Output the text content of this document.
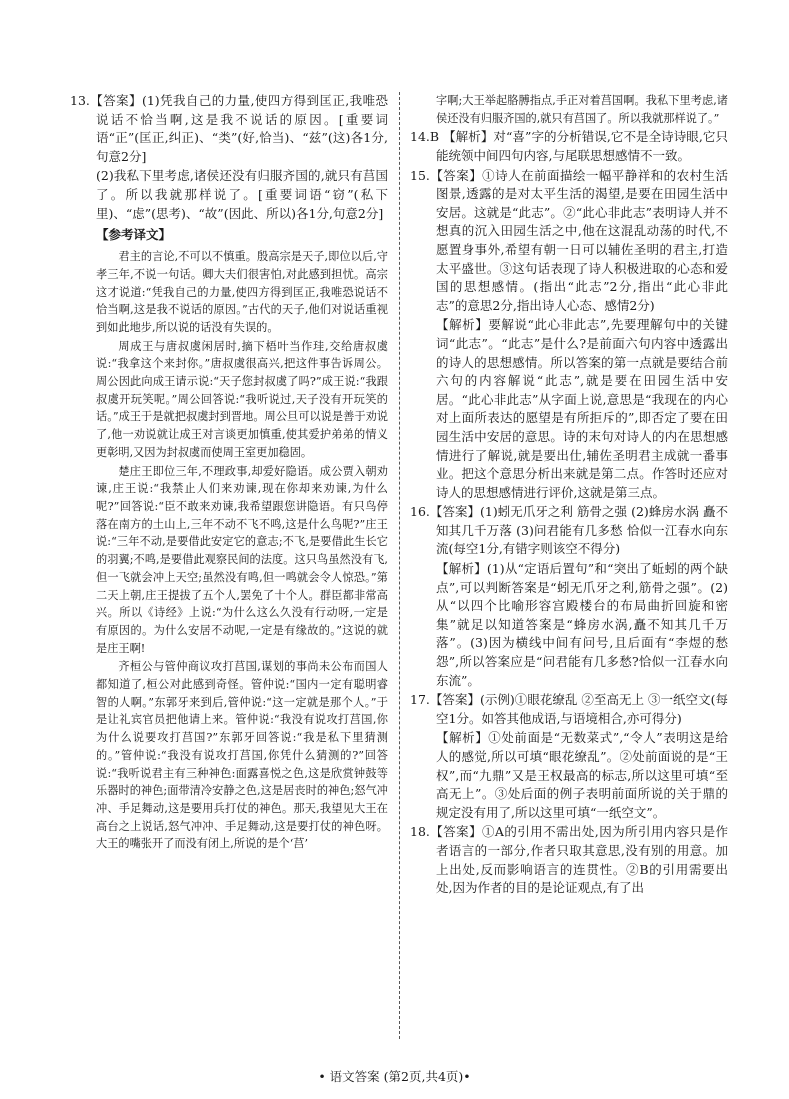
13.【答案】(1)凭我自己的力量,使四方得到匡正,我唯恐说话不恰当啊,这是我不说话的原因。[重要词语“正”(匡正,纠正)、“类”(好,恰当)、“兹”(这)各1分,句意2分]

(2)我私下里考虑,诸侯还没有归服齐国的,就只有莒国了。所以我就那样说了。[重要词语“窃”(私下里)、“虑”(思考)、“故”(因此、所以)各1分,句意2分]

【参考译文】

君主的言论,不可以不慎重。殷高宗是天子,即位以后,守孝三年,不说一句话。卿大夫们很害怕,对此感到担忧。高宗这才说道:“凭我自己的力量,使四方得到匡正,我唯恐说话不恰当啊,这是我不说话的原因。”古代的天子,他们对说话重视到如此地步,所以说的话没有失误的。

周成王与唐叔虞闲居时,摘下梧叶当作珪,交给唐叔虞说:“我拿这个来封你。”唐叔虞很高兴,把这件事告诉周公。周公因此向成王请示说:“天子您封叔虞了吗?”成王说:“我跟叔虞开玩笑呢。”周公回答说:“我听说过,天子没有开玩笑的话。”成王于是就把叔虞封到晋地。周公旦可以说是善于劝说了,他一劝说就让成王对言谈更加慎重,使其爱护弟弟的情义更彰明,又因为封叔虞而使周王室更加稳固。

楚庄王即位三年,不理政事,却爱好隐语。成公贾入朝劝谏,庄王说:“我禁止人们来劝谏,现在你却来劝谏,为什么呢?”回答说:“臣不敢来劝谏,我希望跟您讲隐语。有只鸟停落在南方的土山上,三年不动不飞不鸣,这是什么鸟呢?”庄王说:“三年不动,是要借此安定它的意志;不飞,是要借此生长它的羽翼;不鸣,是要借此观察民间的法度。这只鸟虽然没有飞,但一飞就会冲上天空;虽然没有鸣,但一鸣就会令人惊恐。”第二天上朝,庄王提拔了五个人,罢免了十个人。群臣都非常高兴。所以《诗经》上说:“为什么这么久没有行动呀,一定是有原因的。为什么安居不动呢,一定是有缘故的。”这说的就是庄王啊!

齐桓公与管仲商议攻打莒国,谋划的事尚未公布而国人都知道了,桓公对此感到奇怪。管仲说:“国内一定有聪明睿智的人啊。”东郭牙来到后,管仲说:“这一定就是那个人。”于是让礼宾官员把他请上来。管仲说:“我没有说攻打莒国,你为什么说要攻打莒国?”东郭牙回答说:“我是私下里猜测的。”管仲说:“我没有说攻打莒国,你凭什么猜测的?”回答说:“我听说君主有三种神色:面露喜悦之色,这是欣赏钟鼓等乐器时的神色;面带清冷安静之色,这是居丧时的神色;怒气冲冲、手足舞动,这是要用兵打仗的神色。那天,我望见大王在高台之上说话,怒气冲冲、手足舞动,这是要打仗的神色呀。大王的嘴张开了而没有闭上,所说的是个‘莒’

字啊;大王举起胳膊指点,手正对着莒国啊。我私下里考虑,诸侯还没有归服齐国的,就只有莒国了。所以我就那样说了。”

14.B 【解析】对“喜”字的分析错误,它不是全诗诗眼,它只能统领中间四句内容,与尾联思想感情不一致。

15.【答案】①诗人在前面描绘一幅平静祥和的农村生活图景,透露的是对太平生活的渴望,是要在田园生活中安居。这就是“此志”。②“此心非此志”表明诗人并不想真的沉入田园生活之中,他在这混乱动荡的时代,不愿置身事外,希望有朝一日可以辅佐圣明的君主,打造太平盛世。③这句话表现了诗人积极进取的心态和爱国的思想感情。(指出“此志”2分,指出“此心非此志”的意思2分,指出诗人心态、感情2分)

【解析】要解说“此心非此志”,先要理解句中的关键词“此志”。“此志”是什么?是前面六句内容中透露出的诗人的思想感情。所以答案的第一点就是要结合前六句的内容解说“此志”,就是要在田园生活中安居。“此心非此志”从字面上说,意思是“我现在的内心对上面所表达的愿望是有所拒斥的”,即否定了要在田园生活中安居的意思。诗的末句对诗人的内在思想感情进行了解说,就是要出仕,辅佐圣明君主成就一番事业。把这个意思分析出来就是第二点。作答时还应对诗人的思想感情进行评价,这就是第三点。

16.【答案】(1)蚓无爪牙之利 筋骨之强 (2)蜂房水涡 矗不知其几千万落 (3)问君能有几多愁 恰似一江春水向东流(每空1分,有错字则该空不得分)

【解析】(1)从“定语后置句”和“突出了蚯蚓的两个缺点”,可以判断答案是“蚓无爪牙之利,筋骨之强”。(2)从“以四个比喻形容宫殿楼台的布局曲折回旋和密集”就足以知道答案是“蜂房水涡,矗不知其几千万落”。(3)因为横线中间有问号,且后面有“李煜的愁怨”,所以答案应是“问君能有几多愁?恰似一江春水向东流”。

17.【答案】(示例)①眼花缭乱 ②至高无上 ③一纸空文(每空1分。如答其他成语,与语境相合,亦可得分)

【解析】①处前面是“无数菜式”,“令人”表明这是给人的感觉,所以可填“眼花缭乱”。②处前面说的是“王权”,而“九鼎”又是王权最高的标志,所以这里可填“至高无上”。③处后面的例子表明前面所说的关于鼎的规定没有用了,所以这里可填“一纸空文”。

18.【答案】①A的引用不需出处,因为所引用内容只是作者语言的一部分,作者只取其意思,没有别的用意。加上出处,反而影响语言的连贯性。②B的引用需要出处,因为作者的目的是论证观点,有了出

• 语文答案 (第2页,共4页)•
